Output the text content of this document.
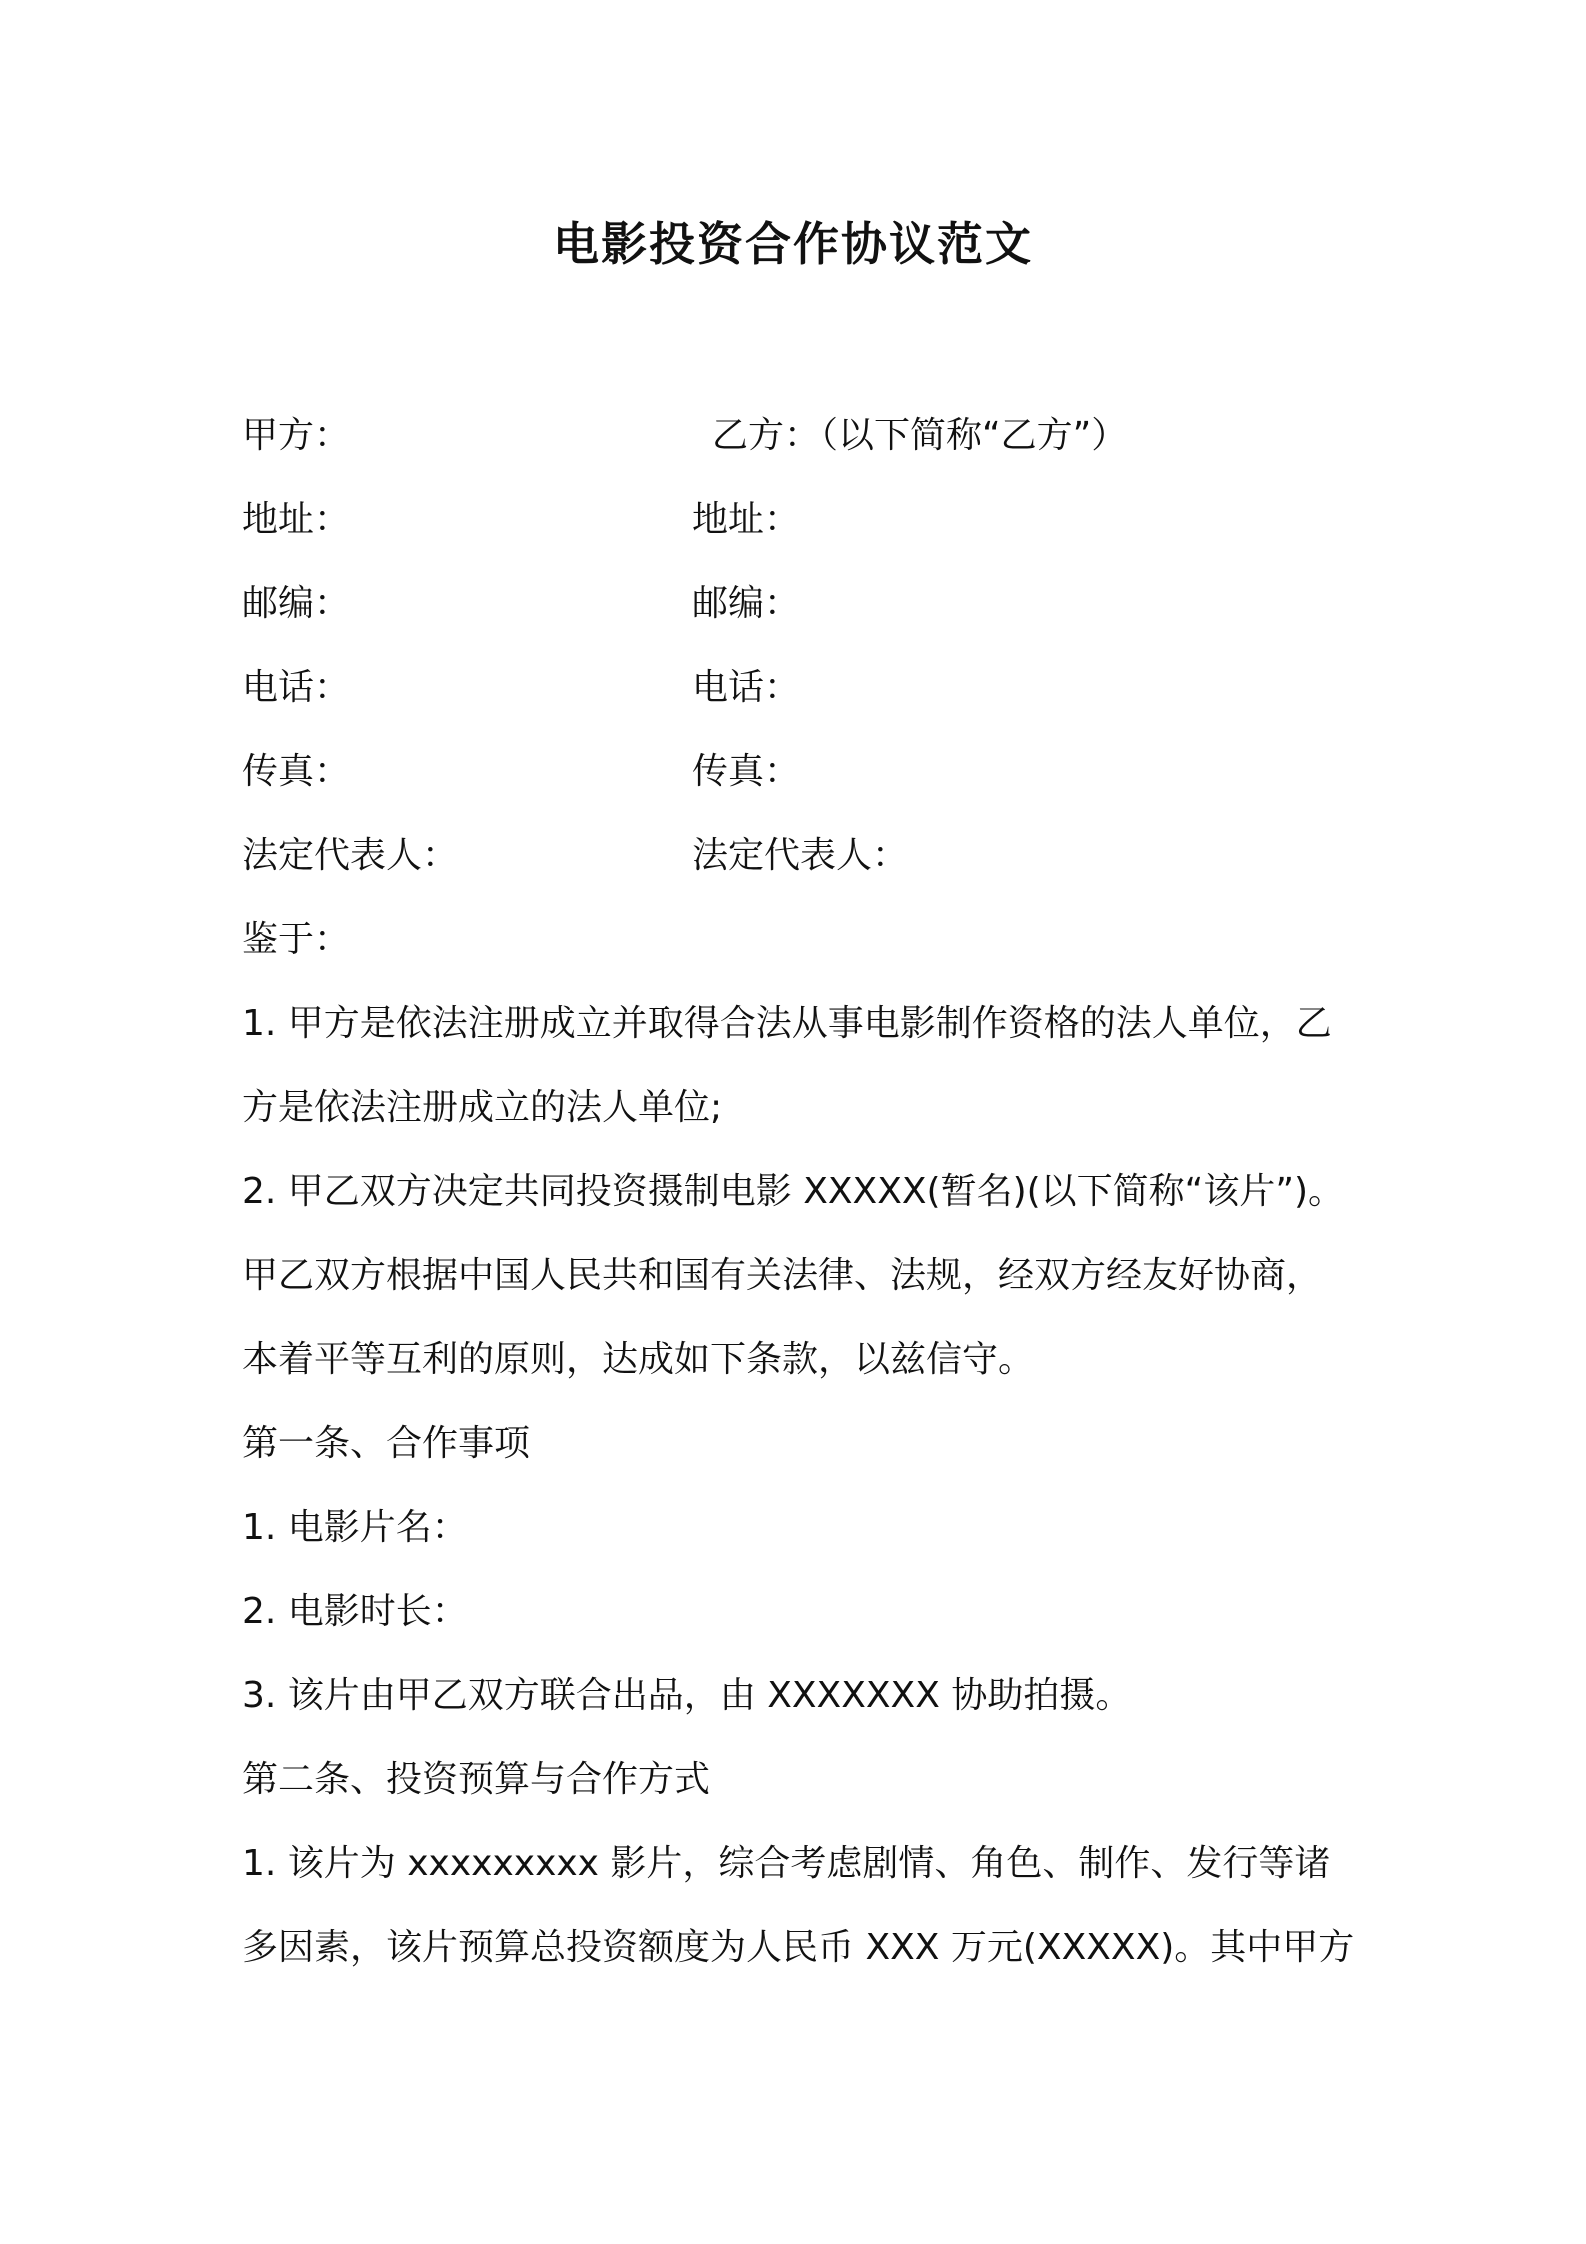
电影投资合作协议范文
甲方：	乙方：（以下简称“乙方”）
地址：	地址：
邮编：	邮编：
电话：	电话：
传真：	传真：
法定代表人：	法定代表人：
鉴于：
1. 甲方是依法注册成立并取得合法从事电影制作资格的法人单位，乙
方是依法注册成立的法人单位;
2. 甲乙双方决定共同投资摄制电影 XXXXX(暂名)(以下简称“该片”)。
甲乙双方根据中国人民共和国有关法律、法规，经双方经友好协商，
本着平等互利的原则，达成如下条款，以兹信守。
第一条、合作事项
1. 电影片名：
2. 电影时长：
3. 该片由甲乙双方联合出品，由 XXXXXXX 协助拍摄。
第二条、投资预算与合作方式
1. 该片为 xxxxxxxxx 影片，综合考虑剧情、角色、制作、发行等诸
多因素，该片预算总投资额度为人民币 XXX 万元(XXXXX)。其中甲方
